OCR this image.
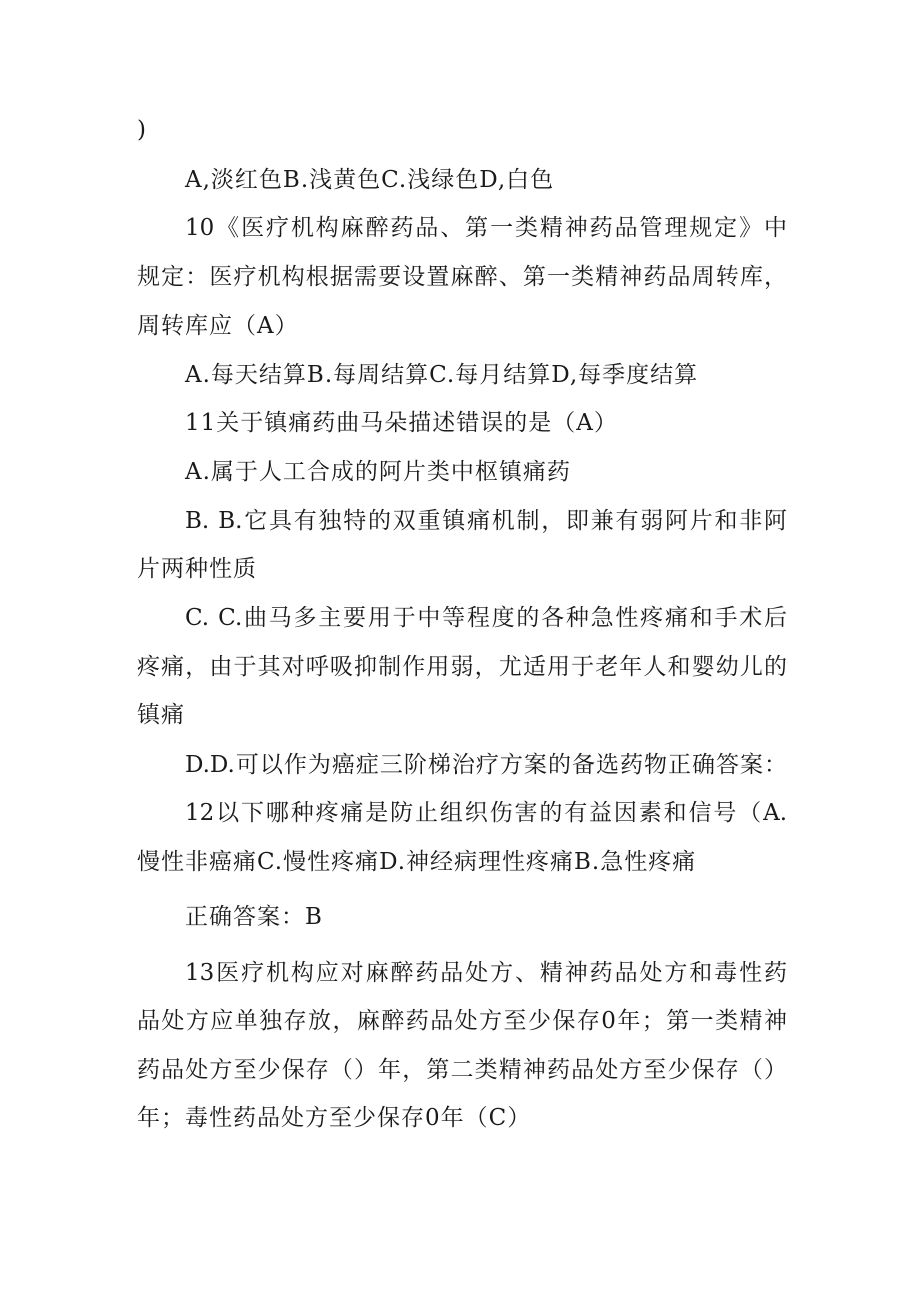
)
A,淡红色B.浅黄色C.浅绿色D,白色
10《医疗机构麻醉药品、第一类精神药品管理规定》中
规定：医疗机构根据需要设置麻醉、第一类精神药品周转库，
周转库应（A）
A.每天结算B.每周结算C.每月结算D,每季度结算
11关于镇痛药曲马朵描述错误的是（A）
A.属于人工合成的阿片类中枢镇痛药
B. B.它具有独特的双重镇痛机制，即兼有弱阿片和非阿
片两种性质
C. C.曲马多主要用于中等程度的各种急性疼痛和手术后
疼痛，由于其对呼吸抑制作用弱，尤适用于老年人和婴幼儿的
镇痛
D.D.可以作为癌症三阶梯治疗方案的备选药物正确答案：
12以下哪种疼痛是防止组织伤害的有益因素和信号（A.
慢性非癌痛C.慢性疼痛D.神经病理性疼痛B.急性疼痛
正确答案：B
13医疗机构应对麻醉药品处方、精神药品处方和毒性药
品处方应单独存放，麻醉药品处方至少保存0年；第一类精神
药品处方至少保存（）年，第二类精神药品处方至少保存（）
年；毒性药品处方至少保存0年（C）
